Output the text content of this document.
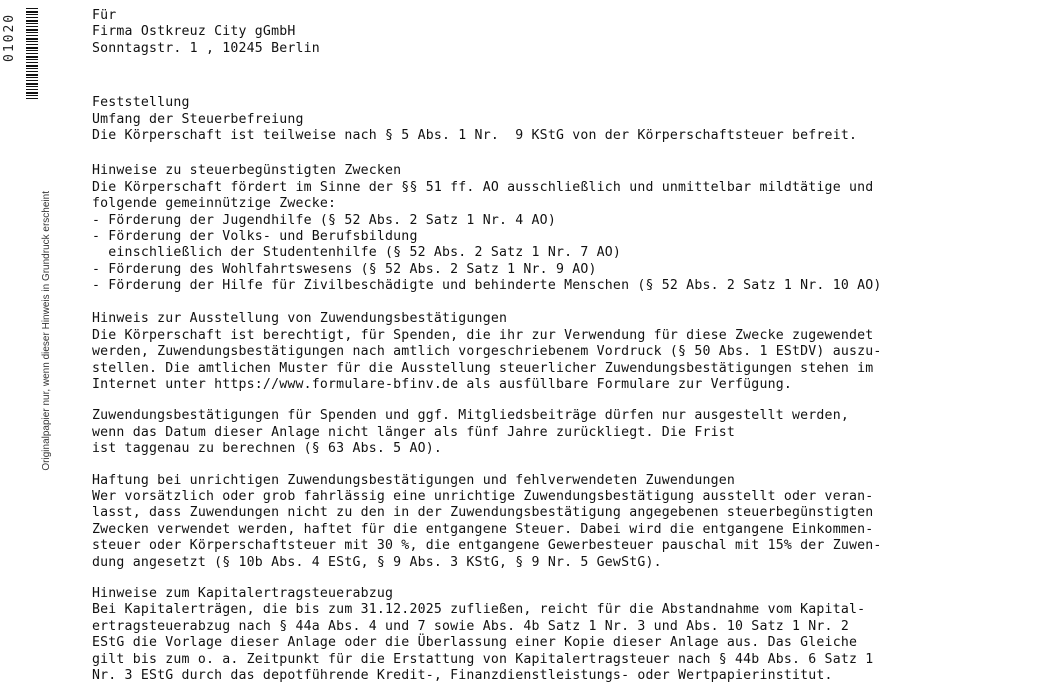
01020
Originalpapier nur, wenn dieser Hinweis in Grundruck erscheint
Für
Firma Ostkreuz City gGmbH
Sonntagstr. 1 , 10245 Berlin
Feststellung
Umfang der Steuerbefreiung
Die Körperschaft ist teilweise nach § 5 Abs. 1 Nr.  9 KStG von der Körperschaftsteuer befreit.
Hinweise zu steuerbegünstigten Zwecken
Die Körperschaft fördert im Sinne der §§ 51 ff. AO ausschließlich und unmittelbar mildtätige und
folgende gemeinnützige Zwecke:
- Förderung der Jugendhilfe (§ 52 Abs. 2 Satz 1 Nr. 4 AO)
- Förderung der Volks- und Berufsbildung
einschließlich der Studentenhilfe (§ 52 Abs. 2 Satz 1 Nr. 7 AO)
- Förderung des Wohlfahrtswesens (§ 52 Abs. 2 Satz 1 Nr. 9 AO)
- Förderung der Hilfe für Zivilbeschädigte und behinderte Menschen (§ 52 Abs. 2 Satz 1 Nr. 10 AO)
Hinweis zur Ausstellung von Zuwendungsbestätigungen
Die Körperschaft ist berechtigt, für Spenden, die ihr zur Verwendung für diese Zwecke zugewendet
werden, Zuwendungsbestätigungen nach amtlich vorgeschriebenem Vordruck (§ 50 Abs. 1 EStDV) auszu-
stellen. Die amtlichen Muster für die Ausstellung steuerlicher Zuwendungsbestätigungen stehen im
Internet unter https://www.formulare-bfinv.de als ausfüllbare Formulare zur Verfügung.
Zuwendungsbestätigungen für Spenden und ggf. Mitgliedsbeiträge dürfen nur ausgestellt werden,
wenn das Datum dieser Anlage nicht länger als fünf Jahre zurückliegt. Die Frist
ist taggenau zu berechnen (§ 63 Abs. 5 AO).
Haftung bei unrichtigen Zuwendungsbestätigungen und fehlverwendeten Zuwendungen
Wer vorsätzlich oder grob fahrlässig eine unrichtige Zuwendungsbestätigung ausstellt oder veran-
lasst, dass Zuwendungen nicht zu den in der Zuwendungsbestätigung angegebenen steuerbegünstigten
Zwecken verwendet werden, haftet für die entgangene Steuer. Dabei wird die entgangene Einkommen-
steuer oder Körperschaftsteuer mit 30 %, die entgangene Gewerbesteuer pauschal mit 15% der Zuwen-
dung angesetzt (§ 10b Abs. 4 EStG, § 9 Abs. 3 KStG, § 9 Nr. 5 GewStG).
Hinweise zum Kapitalertragsteuerabzug
Bei Kapitalerträgen, die bis zum 31.12.2025 zufließen, reicht für die Abstandnahme vom Kapital-
ertragsteuerabzug nach § 44a Abs. 4 und 7 sowie Abs. 4b Satz 1 Nr. 3 und Abs. 10 Satz 1 Nr. 2
EStG die Vorlage dieser Anlage oder die Überlassung einer Kopie dieser Anlage aus. Das Gleiche
gilt bis zum o. a. Zeitpunkt für die Erstattung von Kapitalertragsteuer nach § 44b Abs. 6 Satz 1
Nr. 3 EStG durch das depotführende Kredit-, Finanzdienstleistungs- oder Wertpapierinstitut.
